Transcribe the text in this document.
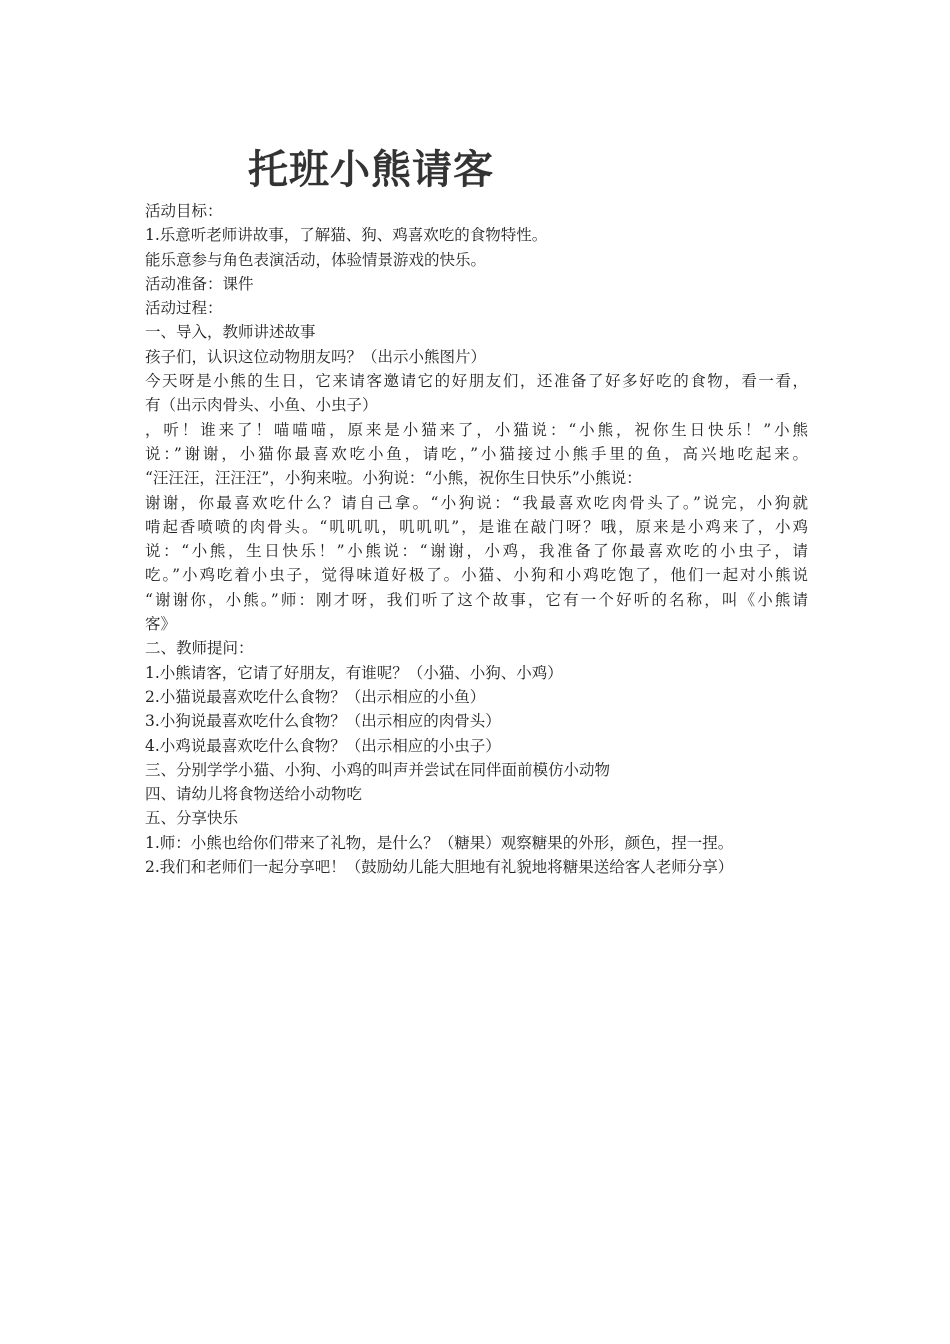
托班小熊请客
活动目标：
1.乐意听老师讲故事，了解猫、狗、鸡喜欢吃的食物特性。
能乐意参与角色表演活动，体验情景游戏的快乐。
活动准备：课件
活动过程：
一、导入，教师讲述故事
孩子们，认识这位动物朋友吗？（出示小熊图片）
今天呀是小熊的生日，它来请客邀请它的好朋友们，还准备了好多好吃的食物，看一看，
有（出示肉骨头、小鱼、小虫子）
，听！谁来了！喵喵喵，原来是小猫来了，小猫说：“小熊，祝你生日快乐！”小熊
说：”谢谢，小猫你最喜欢吃小鱼，请吃，”小猫接过小熊手里的鱼，高兴地吃起来。
“汪汪汪，汪汪汪”，小狗来啦。小狗说：“小熊，祝你生日快乐”小熊说：
谢谢，你最喜欢吃什么？请自己拿。“小狗说：“我最喜欢吃肉骨头了。”说完，小狗就
啃起香喷喷的肉骨头。“叽叽叽，叽叽叽”，是谁在敲门呀？哦，原来是小鸡来了，小鸡
说：“小熊，生日快乐！”小熊说：“谢谢，小鸡，我准备了你最喜欢吃的小虫子，请
吃。”小鸡吃着小虫子，觉得味道好极了。小猫、小狗和小鸡吃饱了，他们一起对小熊说
“谢谢你，小熊。”师：刚才呀，我们听了这个故事，它有一个好听的名称，叫《小熊请
客》
二、教师提问：
1.小熊请客，它请了好朋友，有谁呢？（小猫、小狗、小鸡）
2.小猫说最喜欢吃什么食物？（出示相应的小鱼）
3.小狗说最喜欢吃什么食物？（出示相应的肉骨头）
4.小鸡说最喜欢吃什么食物？（出示相应的小虫子）
三、分别学学小猫、小狗、小鸡的叫声并尝试在同伴面前模仿小动物
四、请幼儿将食物送给小动物吃
五、分享快乐
1.师：小熊也给你们带来了礼物，是什么？（糖果）观察糖果的外形，颜色，捏一捏。
2.我们和老师们一起分享吧！（鼓励幼儿能大胆地有礼貌地将糖果送给客人老师分享）
